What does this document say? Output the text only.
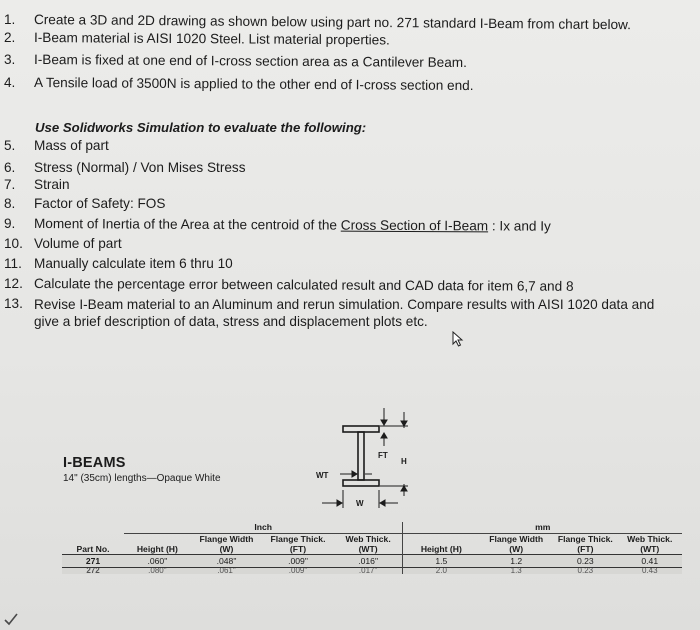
1. Create a 3D and 2D drawing as shown below using part no. 271 standard I-Beam from chart below.
2. I-Beam material is AISI 1020 Steel. List material properties.
3. I-Beam is fixed at one end of I-cross section area as a Cantilever Beam.
4. A Tensile load of 3500N is applied to the other end of I-cross section end.
Use Solidworks Simulation to evaluate the following:
5. Mass of part
6. Stress (Normal) / Von Mises Stress
7. Strain
8. Factor of Safety: FOS
9. Moment of Inertia of the Area at the centroid of the Cross Section of I-Beam : Ix and Iy
10. Volume of part
11. Manually calculate item 6 thru 10
12. Calculate the percentage error between calculated result and CAD data for item 6,7 and 8
13. Revise I-Beam material to an Aluminum and rerun simulation. Compare results with AISI 1020 data and give a brief description of data, stress and displacement plots etc.
I-BEAMS
14" (35cm) lengths—Opaque White
FT
H
WT
W
	Inch				mm			
Part No.	Height (H)	Flange Width (W)	Flange Thick. (FT)	Web Thick. (WT)	Height (H)	Flange Width (W)	Flange Thick. (FT)	Web Thick. (WT)
271	.060"	.048"	.009"	.016"	1.5	1.2	0.23	0.41
272	.080"	.061"	.009"	.017"	2.0	1.3	0.23	0.43
